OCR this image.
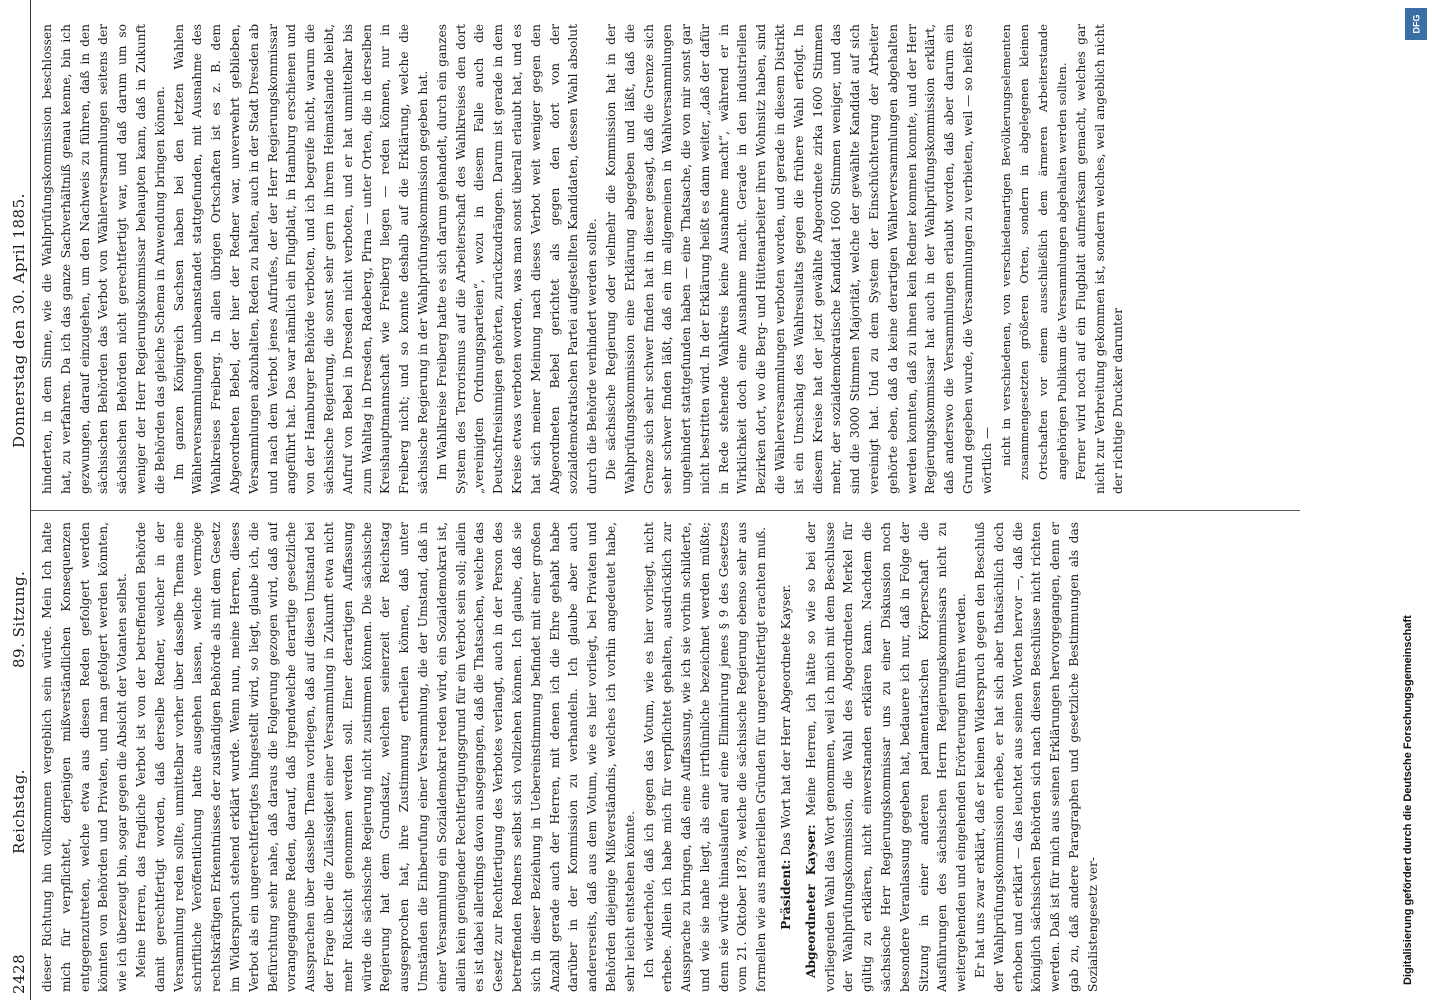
2428
Reichstag.
89. Sitzung.
Donnerstag den 30. April 1885.

dieser Richtung hin vollkommen vergeblich sein würde. Mein Ich halte mich für verpflichtet, derjenigen mißverständlichen Konsequenzen entgegenzutreten, welche etwa aus diesen Reden gefolgert werden könnten von Behörden und Privaten, und man gefolgert werden könnten, wie ich überzeugt bin, sogar gegen die Absicht der Votanten selbst. Meine Herren, das fragliche Verbot ist von der betreffenden Behörde damit gerechtfertigt worden, daß derselbe Redner, welcher in der Versammlung reden sollte, unmittelbar vorher über dasselbe Thema eine schriftliche Veröffentlichung hatte ausgehen lassen, welche vermöge rechtskräftigen Erkenntnisses der zuständigen Behörde als mit dem Gesetz im Widerspruch stehend erklärt wurde. Wenn nun, meine Herren, dieses Verbot als ein ungerechtfertigtes hingestellt wird, so liegt, glaube ich, die Befürchtung sehr nahe, daß daraus die Folgerung gezogen wird, daß auf vorangegangene Reden, darauf, daß irgendwelche derartige gesetzliche Aussprachen über dasselbe Thema vorliegen, daß auf diesen Umstand bei der Frage über die Zulässigkeit einer Versammlung in Zukunft etwa nicht mehr Rücksicht genommen werden soll. Einer derartigen Auffassung würde die sächsische Regierung nicht zustimmen können. Die sächsische Regierung hat dem Grundsatz, welchen seinerzeit der Reichstag ausgesprochen hat, ihre Zustimmung ertheilen können, daß unter Umständen die Einberufung einer Versammlung, die der Umstand, daß in einer Versammlung ein Sozialdemokrat reden wird, ein Sozialdemokrat ist, allein kein genügender Rechtfertigungsgrund für ein Verbot sein soll; allein es ist dabei allerdings davon ausgegangen, daß die Thatsachen, welche das Gesetz zur Rechtfertigung des Verbotes verlangt, auch in der Person des betreffenden Redners selbst sich vollziehen können. Ich glaube, daß sie sich in dieser Beziehung in Uebereinstimmung befindet mit einer großen Anzahl gerade auch der Herren, mit denen ich die Ehre gehabt habe darüber in der Kommission zu verhandeln. Ich glaube aber auch andererseits, daß aus dem Votum, wie es hier vorliegt, bei Privaten und Behörden diejenige Mißverständnis, welches ich vorhin angedeutet habe, sehr leicht entstehen könnte. Ich wiederhole, daß ich gegen das Votum, wie es hier vorliegt, nicht erhebe. Allein ich habe mich für verpflichtet gehalten, ausdrücklich zur Aussprache zu bringen, daß eine Auffassung, wie ich sie vorhin schilderte, und wie sie nahe liegt, als eine irrthümliche bezeichnet werden müßte; denn sie würde hinauslaufen auf eine Eliminirung jenes § 9 des Gesetzes vom 21. Oktober 1878, welche die sächsische Regierung ebenso sehr aus formellen wie aus materiellen Gründen für ungerechtfertigt erachten muß. Präsident: Das Wort hat der Herr Abgeordnete Kayser.

Abgeordneter Kayser: Meine Herren, ich hätte so wie so bei der vorliegenden Wahl das Wort genommen, weil ich mich mit dem Beschlusse der Wahlprüfungskommission, die Wahl des Abgeordneten Merkel für gültig zu erklären, nicht einverstanden erklären kann. Nachdem die sächsische Herr Regierungskommissar uns zu einer Diskussion noch besondere Veranlassung gegeben hat, bedauere ich nur, daß in Folge der Sitzung in einer anderen parlamentarischen Körperschaft die Ausführungen des sächsischen Herrn Regierungskommissars nicht zu weitergehenden und eingehenden Erörterungen führen werden. Er hat uns zwar erklärt, daß er keinen Widerspruch gegen den Beschluß der Wahlprüfungskommission erhebe, er hat sich aber thatsächlich doch erhoben und erklärt — das leuchtet aus seinen Worten hervor —, daß die königlich sächsischen Behörden sich nach diesen Beschlüsse nicht richten werden. Daß ist für mich aus seinen Erklärungen hervorgegangen, denn er gab zu, daß andere Paragraphen und gesetzliche Bestimmungen als das Sozialistengesetz ver-

hinderten, in dem Sinne, wie die Wahlprüfungskommission beschlossen hat, zu verfahren. Da ich das ganze Sachverhältniß genau kenne, bin ich gezwungen, darauf einzugehen, um den Nachweis zu führen, daß in den sächsischen Behörden das Verbot von Wählerversammlungen seitens der sächsischen Behörden nicht gerechtfertigt war, und daß darum um so weniger der Herr Regierungskommissar behaupten kann, daß in Zukunft die Behörden das gleiche Schema in Anwendung bringen können. Im ganzen Königreich Sachsen haben bei den letzten Wahlen Wählerversammlungen unbeanstandet stattgefunden, mit Ausnahme des Wahlkreises Freiberg. In allen übrigen Ortschaften ist es z. B. dem Abgeordneten Bebel, der hier der Redner war, unverwehrt geblieben, Versammlungen abzuhalten, Reden zu halten, auch in der Stadt Dresden ab und nach dem Verbot jenes Aufrufes, der der Herr Regierungskommissar angeführt hat. Das war nämlich ein Flugblatt, in Hamburg erschienen und von der Hamburger Behörde verboten, und ich begreife nicht, warum die sächsische Regierung, die sonst sehr gern in ihrem Heimatslande bleibt, Aufruf von Bebel in Dresden nicht verboten, und er hat unmittelbar bis zum Wahltag in Dresden, Radeberg, Pirna — unter Orten, die in derselben Kreishauptmannschaft wie Freiberg liegen — reden können, nur in Freiberg nicht; und so konnte deshalb auf die Erklärung, welche die sächsische Regierung in der Wahlprüfungskommission gegeben hat. Im Wahlkreise Freiberg hatte es sich darum gehandelt, durch ein ganzes System des Terrorismus auf die Arbeiterschaft des Wahlkreises den dort „vereinigten Ordnungsparteien“, wozu in diesem Falle auch die Deutschfreisinnigen gehörten, zurückzudrängen. Darum ist gerade in dem Kreise etwas verboten worden, was man sonst überall erlaubt hat, und es hat sich meiner Meinung nach dieses Verbot weit weniger gegen den Abgeordneten Bebel gerichtet als gegen den dort von der sozialdemokratischen Partei aufgestellten Kandidaten, dessen Wahl absolut durch die Behörde verhindert werden sollte. Die sächsische Regierung oder vielmehr die Kommission hat in der Wahlprüfungskommission eine Erklärung abgegeben und läßt, daß die Grenze sich sehr schwer finden hat in dieser gesagt, daß die Grenze sich sehr schwer finden läßt, daß ein im allgemeinen in Wahlversammlungen ungehindert stattgefunden haben — eine Thatsache, die von mir sonst gar nicht bestritten wird. In der Erklärung heißt es dann weiter, „daß der dafür in Rede stehende Wahlkreis keine Ausnahme macht“, während er in Wirklichkeit doch eine Ausnahme macht. Gerade in den industriellen Bezirken dort, wo die Berg- und Hüttenarbeiter ihren Wohnsitz haben, sind die Wählerversammlungen verboten worden, und gerade in diesem Distrikt ist ein Umschlag des Wahlresultats gegen die frühere Wahl erfolgt. In diesem Kreise hat der jetzt gewählte Abgeordnete zirka 1600 Stimmen mehr, der sozialdemokratische Kandidat 1600 Stimmen weniger, und das sind die 3000 Stimmen Majorität, welche der gewählte Kandidat auf sich vereinigt hat. Und zu dem System der Einschüchterung der Arbeiter gehörte eben, daß da keine derartigen Wählerversammlungen abgehalten werden konnten, daß zu ihnen kein Redner kommen konnte, und der Herr Regierungskommissar hat auch in der Wahlprüfungskommission erklärt, daß anderswo die Versammlungen erlaubt worden, daß aber darum ein Grund gegeben wurde, die Versammlungen zu verbieten, weil — so heißt es wörtlich — nicht in verschiedenen, von verschiedenartigen Bevölkerungselementen zusammengesetzten größeren Orten, sondern in abgelegenen kleinen Ortschaften vor einem ausschließlich dem ärmeren Arbeiterstande angehörigen Publikum die Versammlungen abgehalten werden sollten. Ferner wird noch auf ein Flugblatt aufmerksam gemacht, welches gar nicht zur Verbreitung gekommen ist, sondern welches, weil angeblich nicht der richtige Drucker darunter

DFG
Digitalisierung gefördert durch die Deutsche Forschungsgemeinschaft
